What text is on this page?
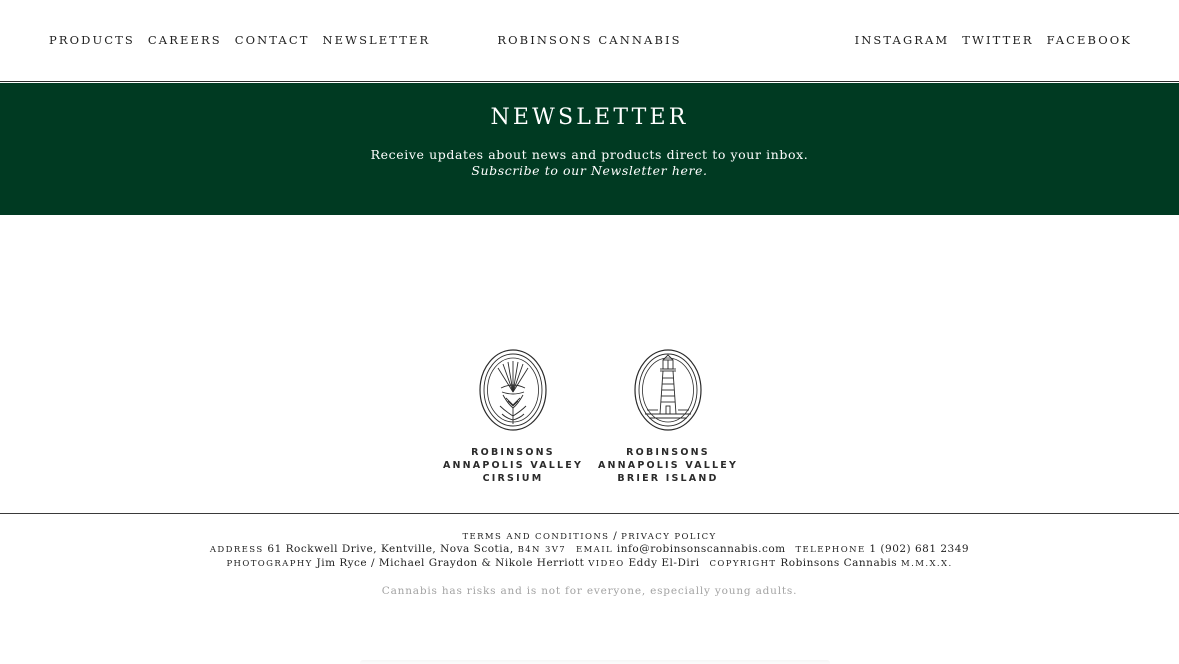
PRODUCTS CAREERS CONTACT NEWSLETTER	ROBINSONS CANNABIS	INSTAGRAM TWITTER FACEBOOK
NEWSLETTER

Receive updates about news and products direct to your inbox.

Subscribe to our Newsletter here.

ROBINSONS
ANNAPOLIS VALLEY
CIRSIUM
ROBINSONS
ANNAPOLIS VALLEY
BRIER ISLAND
TERMS AND CONDITIONS / PRIVACY POLICY
ADDRESS 61 Rockwell Drive, Kentville, Nova Scotia, B4N 3V7 EMAIL info@robinsonscannabis.com TELEPHONE 1 (902) 681 2349
PHOTOGRAPHY Jim Ryce / Michael Graydon & Nikole Herriott VIDEO Eddy El-Diri COPYRIGHT Robinsons Cannabis M.M.X.X.

Cannabis has risks and is not for everyone, especially young adults.
